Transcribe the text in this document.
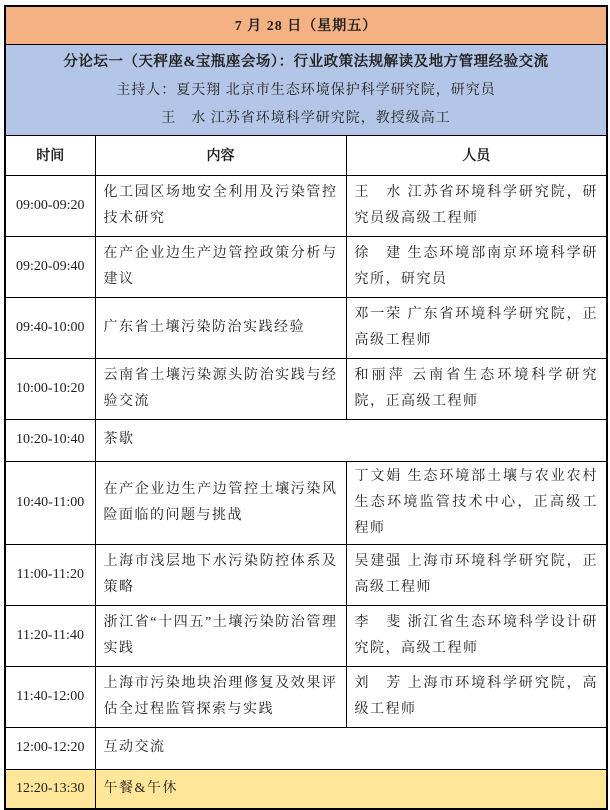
7 月 28 日（星期五）		

分论坛一（天秤座&宝瓶座会场）：行业政策法规解读及地方管理经验交流
主持人：夏天翔 北京市生态环境保护科学研究院，研究员
王　水 江苏省环境科学研究院，教授级高工		

时间	内容	人员
09:00-09:20	化工园区场地安全利用及污染管控技术研究	王　水 江苏省环境科学研究院，研究员级高级工程师
09:20-09:40	在产企业边生产边管控政策分析与建议	徐　建 生态环境部南京环境科学研究所，研究员
09:40-10:00	广东省土壤污染防治实践经验	邓一荣 广东省环境科学研究院，正高级工程师
10:00-10:20	云南省土壤污染源头防治实践与经验交流	和丽萍 云南省生态环境科学研究院，正高级工程师
10:20-10:40	茶歇	
10:40-11:00	在产企业边生产边管控土壤污染风险面临的问题与挑战	丁文娟 生态环境部土壤与农业农村生态环境监管技术中心，正高级工程师
11:00-11:20	上海市浅层地下水污染防控体系及策略	吴建强 上海市环境科学研究院，正高级工程师
11:20-11:40	浙江省“十四五”土壤污染防治管理实践	李　斐 浙江省生态环境科学设计研究院，高级工程师
11:40-12:00	上海市污染地块治理修复及效果评估全过程监管探索与实践	刘　芳 上海市环境科学研究院，高级工程师
12:00-12:20	互动交流	
12:20-13:30	午餐&午休	
